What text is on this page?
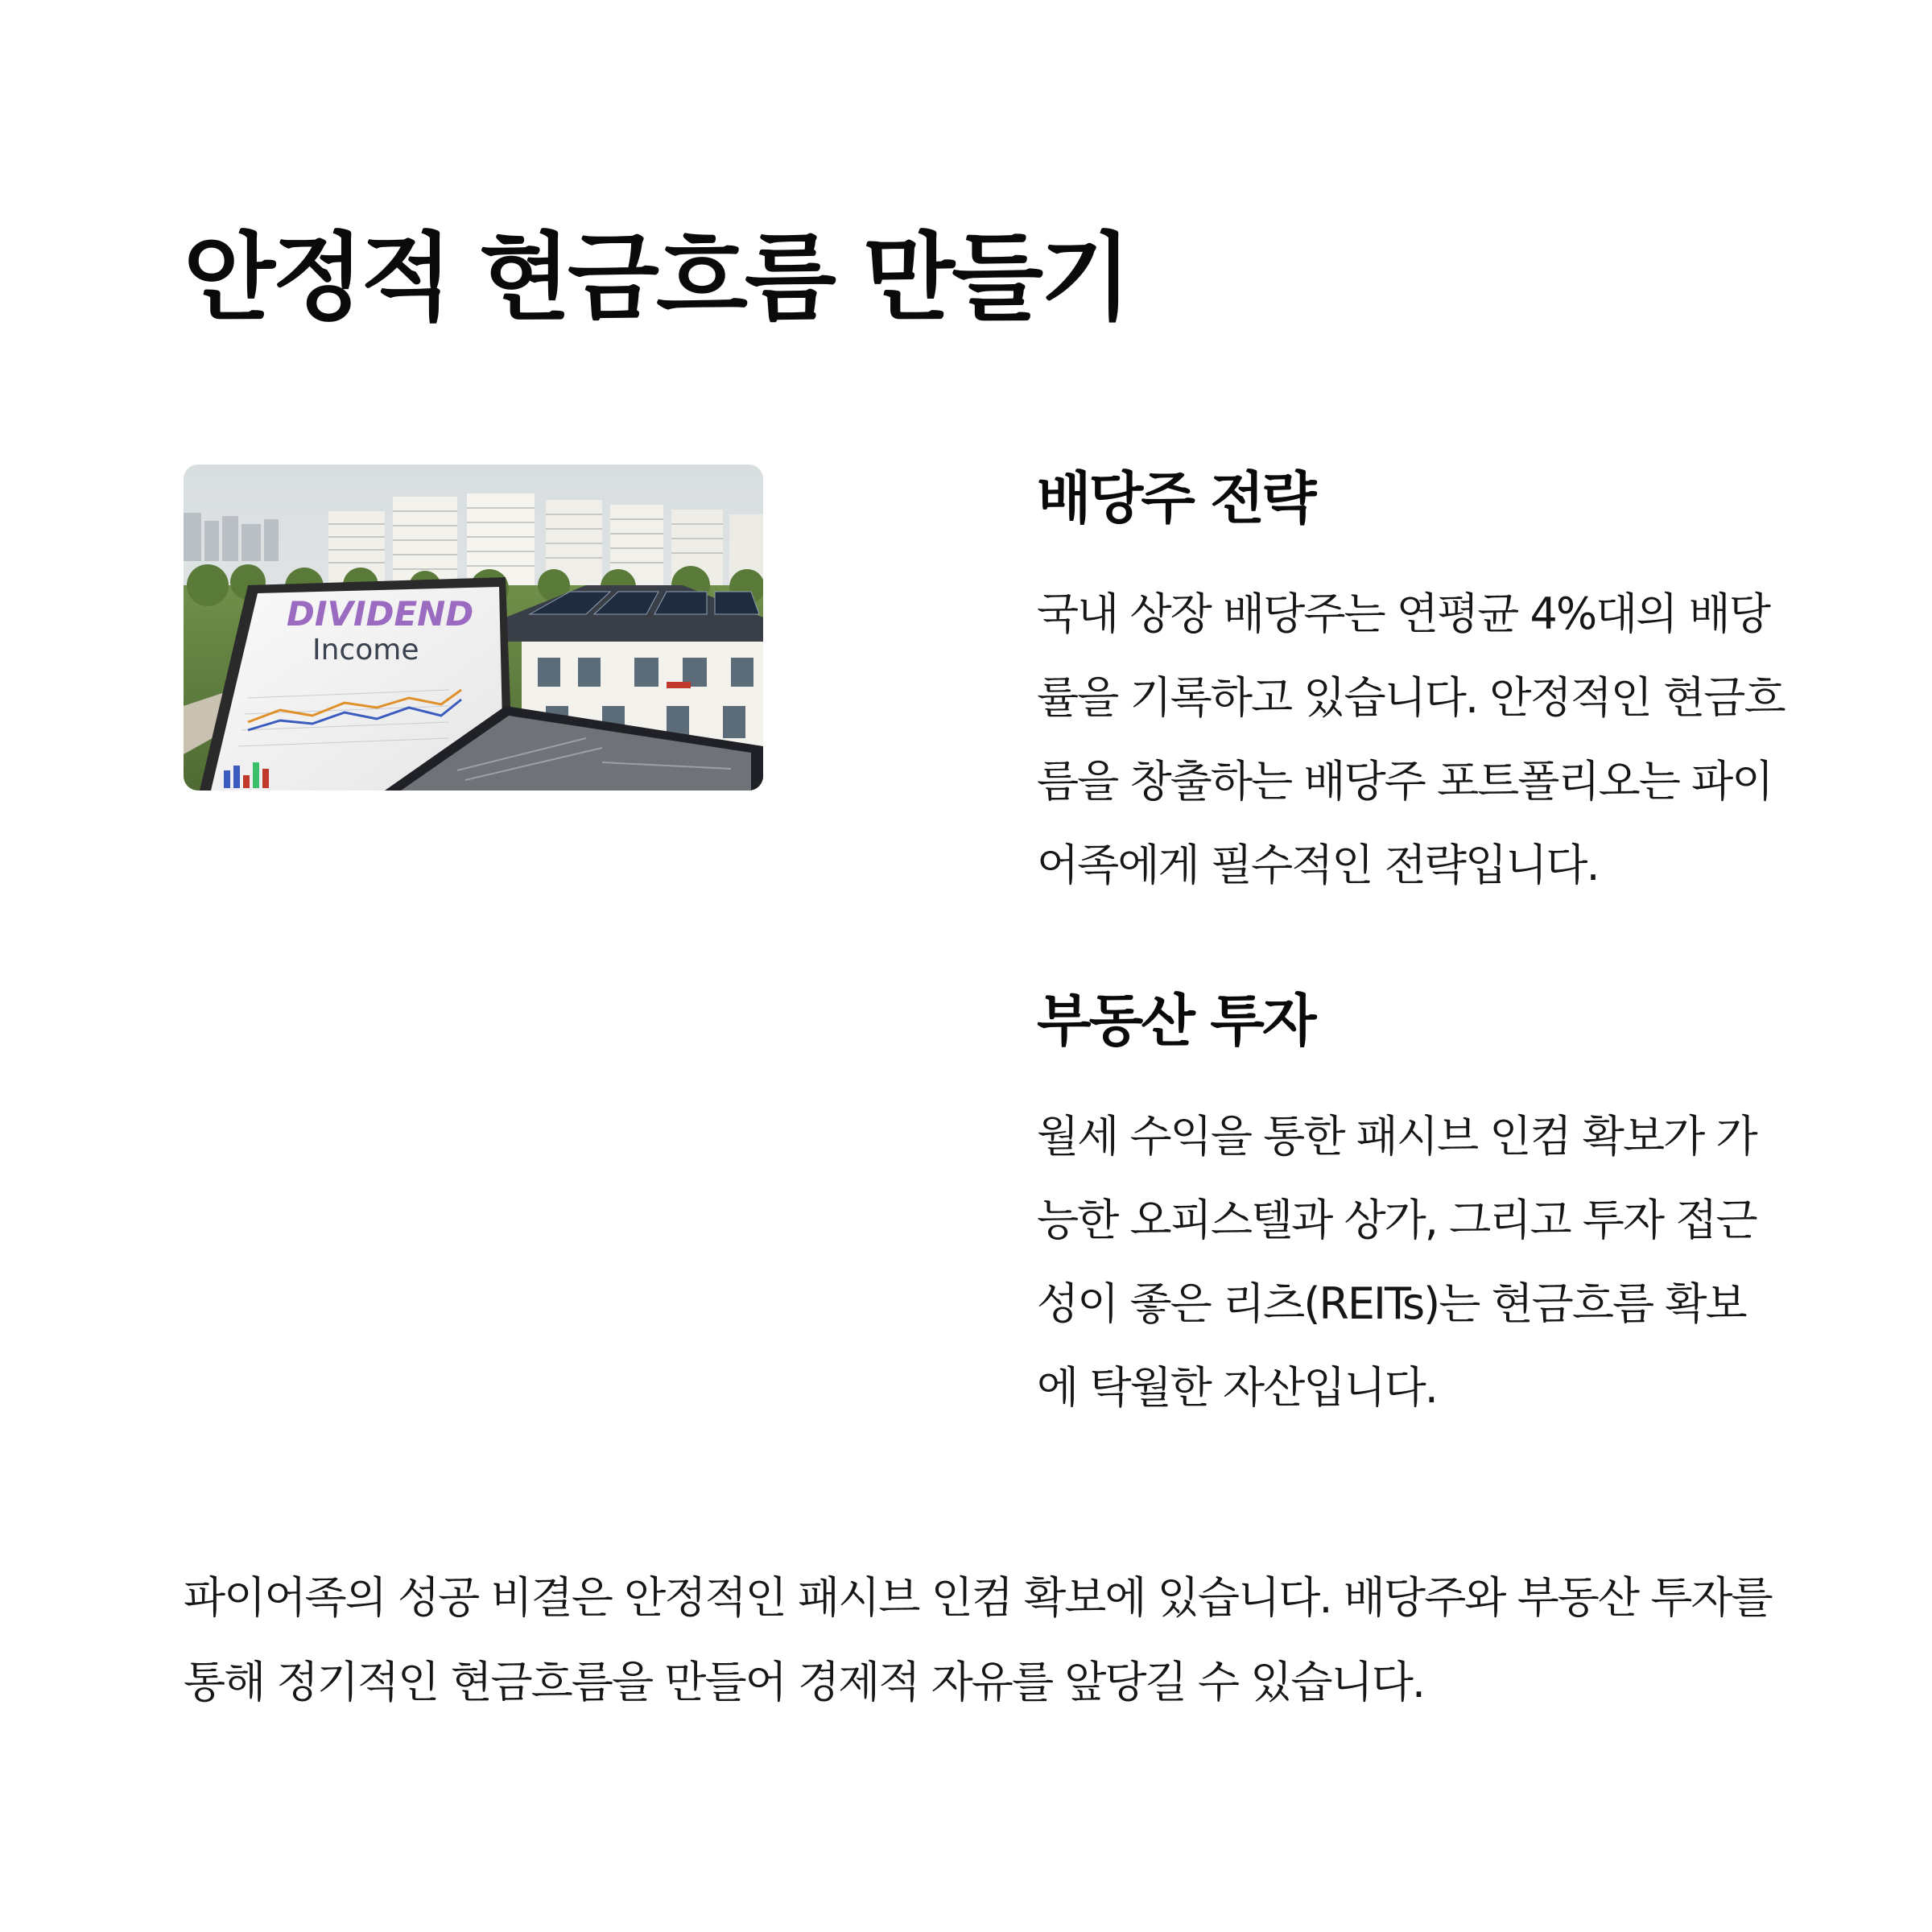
안정적 현금흐름 만들기
DIVIDEND
Income
배당주 전략

국내 상장 배당주는 연평균 4%대의 배당
률을 기록하고 있습니다. 안정적인 현금흐
름을 창출하는 배당주 포트폴리오는 파이
어족에게 필수적인 전략입니다.

부동산 투자

월세 수익을 통한 패시브 인컴 확보가 가
능한 오피스텔과 상가, 그리고 투자 접근
성이 좋은 리츠(REITs)는 현금흐름 확보
에 탁월한 자산입니다.

파이어족의 성공 비결은 안정적인 패시브 인컴 확보에 있습니다. 배당주와 부동산 투자를
통해 정기적인 현금흐름을 만들어 경제적 자유를 앞당길 수 있습니다.
